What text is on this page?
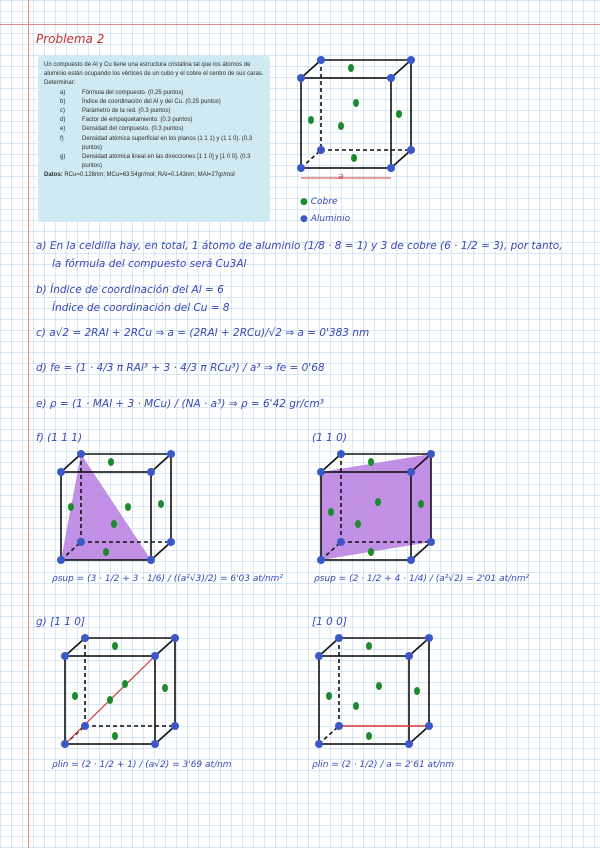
Problema 2
Un compuesto de Al y Cu tiene una estructura cristalina tal que los átomos de aluminio están ocupando los vértices de un cubo y el cobre el centro de sus caras. Determinar:
a)	Fórmula del compuesto. (0.25 puntos)
b)	Índice de coordinación del Al y del Cu. (0.25 puntos)
c)	Parámetro de la red. (0.3 puntos)
d)	Factor de empaquetamiento. (0.3 puntos)
e)	Densidad del compuesto. (0.3 puntos)
f)	Densidad atómica superficial en los planos (1 1 1) y (1 1 0). (0.3 puntos)
g)	Densidad atómica lineal en las direcciones [1 1 0] y [1 0 0]. (0.3 puntos)
Datos: RCu=0.128nm; MCu=63.54gr/mol; RAl=0.143nm; MAl=27gr/mol	a
● Cobre
● Aluminio
a) En la celdilla hay, en total, 1 átomo de aluminio (1/8 · 8 = 1) y 3 de cobre (6 · 1/2 = 3), por tanto,
la fórmula del compuesto será Cu3Al
b) Índice de coordinación del Al = 6
Índice de coordinación del Cu = 8
c) a√2 = 2RAl + 2RCu ⇒ a = (2RAl + 2RCu)/√2 ⇒ a = 0'383 nm
d) fe = (1 · 4/3 π RAl³ + 3 · 4/3 π RCu³) / a³ ⇒ fe = 0'68
e) ρ = (1 · MAl + 3 · MCu) / (NA · a³) ⇒ ρ = 6'42 gr/cm³
f) (1 1 1)	(1 1 0)
ρsup = (3 · 1/2 + 3 · 1/6) / ((a²√3)/2) = 6'03 at/nm²	ρsup = (2 · 1/2 + 4 · 1/4) / (a²√2) = 2'01 at/nm²
g) [1 1 0]	[1 0 0]
ρlin = (2 · 1/2 + 1) / (a√2) = 3'69 at/nm	ρlin = (2 · 1/2) / a = 2'61 at/nm
